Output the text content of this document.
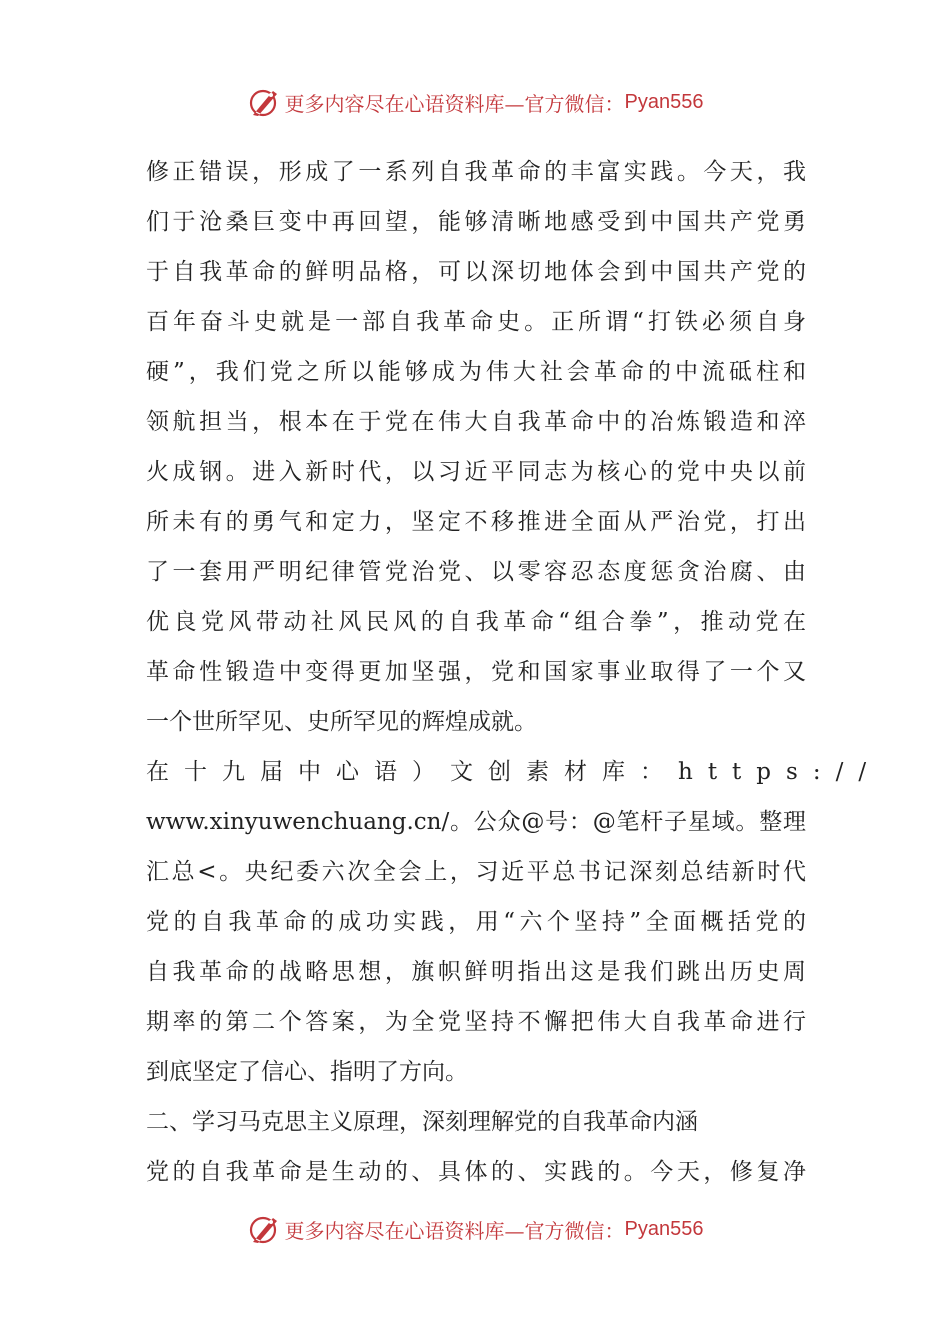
更多内容尽在心语资料库—官方微信： Pyan556
修正错误，形成了一系列自我革命的丰富实践。今天，我
们于沧桑巨变中再回望，能够清晰地感受到中国共产党勇
于自我革命的鲜明品格，可以深切地体会到中国共产党的
百年奋斗史就是一部自我革命史。正所谓“打铁必须自身
硬”，我们党之所以能够成为伟大社会革命的中流砥柱和
领航担当，根本在于党在伟大自我革命中的冶炼锻造和淬
火成钢。进入新时代，以习近平同志为核心的党中央以前
所未有的勇气和定力，坚定不移推进全面从严治党，打出
了一套用严明纪律管党治党、以零容忍态度惩贪治腐、由
优良党风带动社风民风的自我革命“组合拳”，推动党在
革命性锻造中变得更加坚强，党和国家事业取得了一个又
一个世所罕见、史所罕见的辉煌成就。
在十九届中心语）文创素材库：https://
www.xinyuwenchuang.cn/。公众@号：@笔杆子星域。整理
汇总<。央纪委六次全会上，习近平总书记深刻总结新时代
党的自我革命的成功实践，用“六个坚持”全面概括党的
自我革命的战略思想，旗帜鲜明指出这是我们跳出历史周
期率的第二个答案，为全党坚持不懈把伟大自我革命进行
到底坚定了信心、指明了方向。
二、学习马克思主义原理，深刻理解党的自我革命内涵
党的自我革命是生动的、具体的、实践的。今天，修复净
更多内容尽在心语资料库—官方微信： Pyan556
